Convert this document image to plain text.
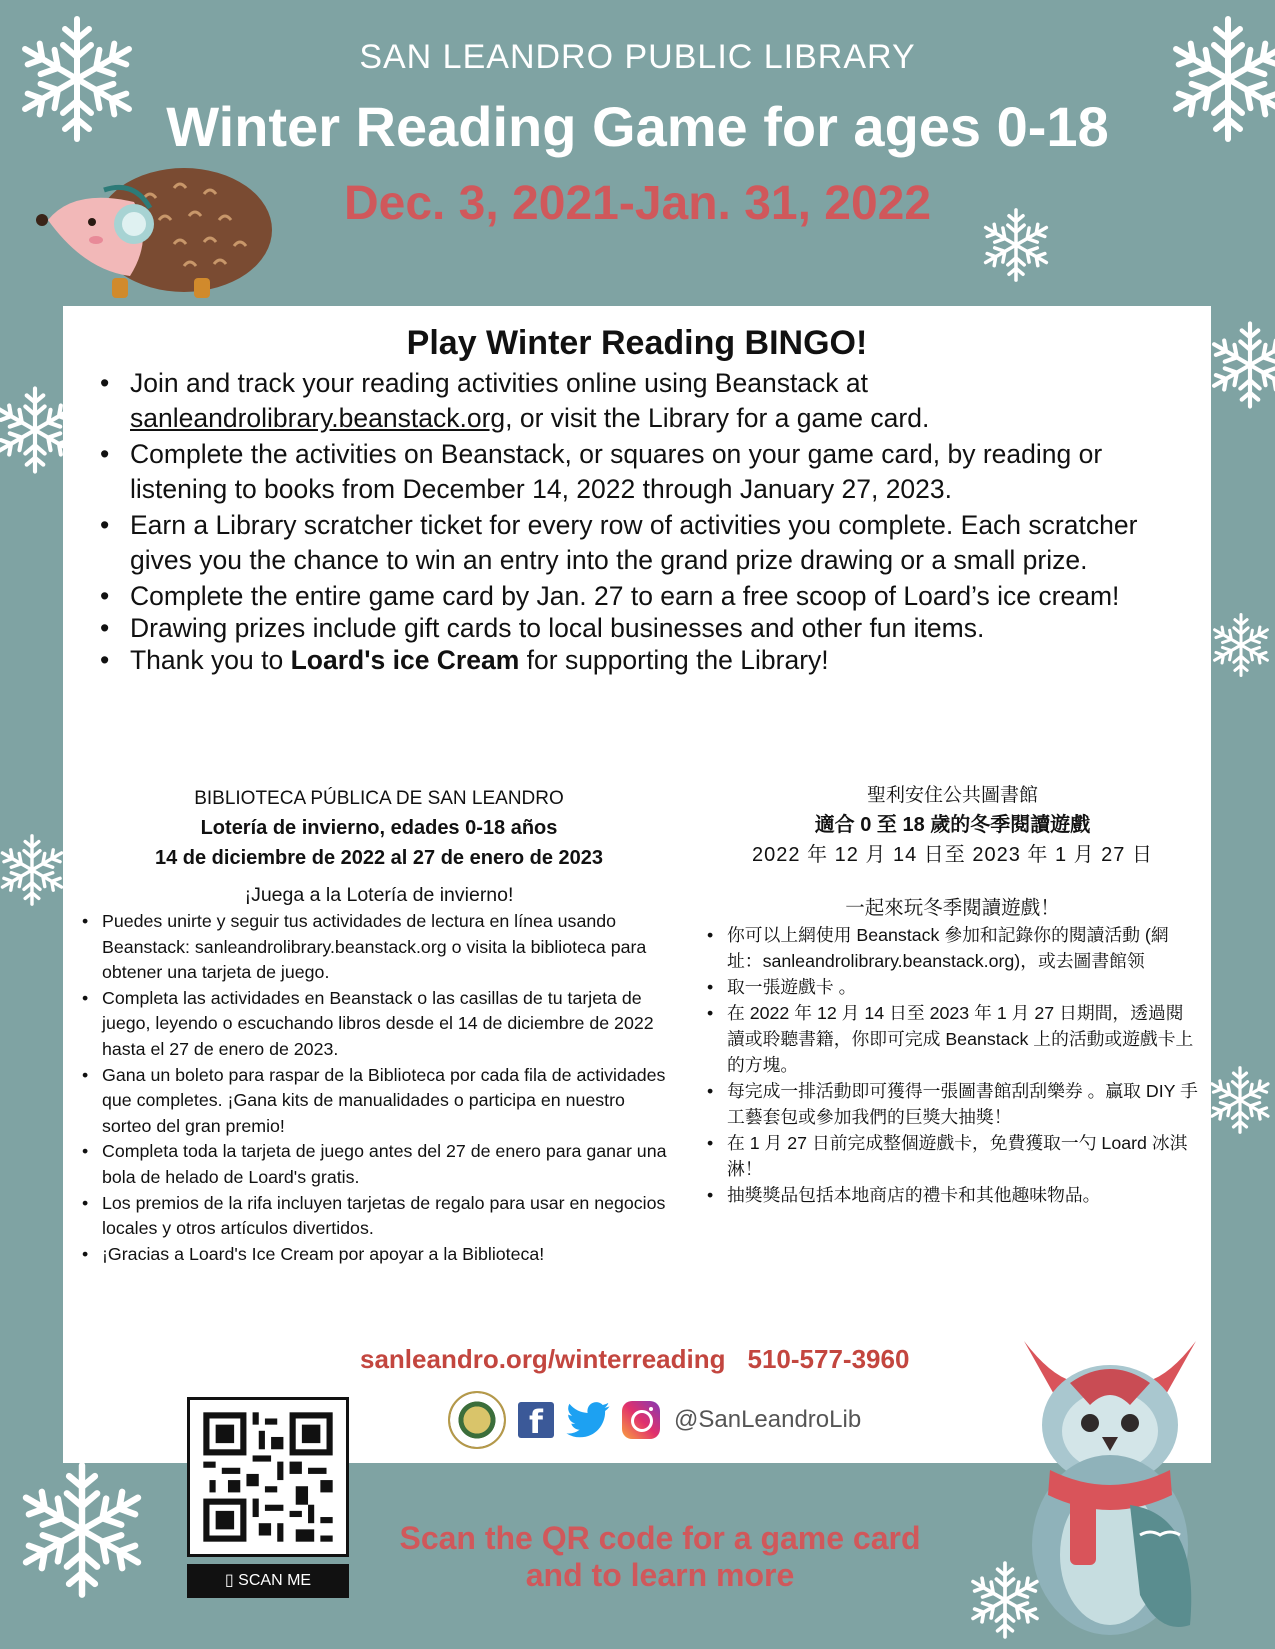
SAN LEANDRO PUBLIC LIBRARY
Winter Reading Game for ages 0-18
Dec. 3, 2021-Jan. 31, 2022
Play Winter Reading BINGO!
• Join and track your reading activities online using Beanstack at sanleandrolibrary.beanstack.org, or visit the Library for a game card.
• Complete the activities on Beanstack, or squares on your game card, by reading or listening to books from December 14, 2022 through January 27, 2023.
• Earn a Library scratcher ticket for every row of activities you complete. Each scratcher gives you the chance to win an entry into the grand prize drawing or a small prize.
• Complete the entire game card by Jan. 27 to earn a free scoop of Loard’s ice cream!
• Drawing prizes include gift cards to local businesses and other fun items.
• Thank you to Loard's ice Cream for supporting the Library!
BIBLIOTECA PÚBLICA DE SAN LEANDRO
Lotería de invierno, edades 0-18 años
14 de diciembre de 2022 al 27 de enero de 2023
¡Juega a la Lotería de invierno!
• Puedes unirte y seguir tus actividades de lectura en línea usando Beanstack: sanleandrolibrary.beanstack.org o visita la biblioteca para obtener una tarjeta de juego.
• Completa las actividades en Beanstack o las casillas de tu tarjeta de juego, leyendo o escuchando libros desde el 14 de diciembre de 2022 hasta el 27 de enero de 2023.
• Gana un boleto para raspar de la Biblioteca por cada fila de actividades que completes. ¡Gana kits de manualidades o participa en nuestro sorteo del gran premio!
• Completa toda la tarjeta de juego antes del 27 de enero para ganar una bola de helado de Loard's gratis.
• Los premios de la rifa incluyen tarjetas de regalo para usar en negocios locales y otros artículos divertidos.
• ¡Gracias a Loard's Ice Cream por apoyar a la Biblioteca!
聖利安住公共圖書館
適合 0 至 18 歲的冬季閱讀遊戲
2022 年 12 月 14 日至 2023 年 1 月 27 日
一起來玩冬季閱讀遊戲！
• 你可以上網使用 Beanstack 參加和記錄你的閱讀活動 (網址：sanleandrolibrary.beanstack.org)，或去圖書館领
• 取一張遊戲卡 。
• 在 2022 年 12 月 14 日至 2023 年 1 月 27 日期間，透過閱讀或聆聽書籍，你即可完成 Beanstack 上的活動或遊戲卡上的方塊。
• 每完成一排活動即可獲得一張圖書館刮刮樂券 。贏取 DIY 手工藝套包或參加我們的巨獎大抽獎！
• 在 1 月 27 日前完成整個遊戲卡，免費獲取一勺 Loard 冰淇淋！
• 抽獎獎品包括本地商店的禮卡和其他趣味物品。
sanleandro.org/winterreading 510-577-3960
f	@SanLeandroLib
▯ SCAN ME
Scan the QR code for a game card
and to learn more
